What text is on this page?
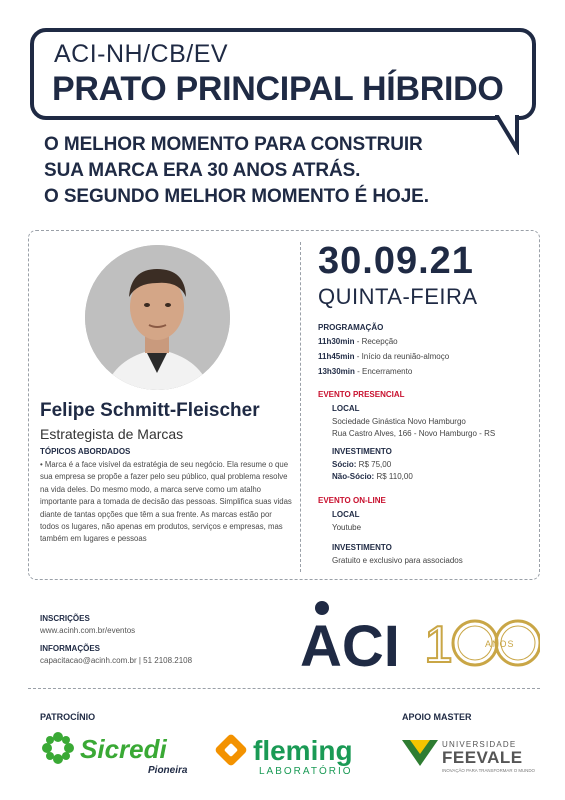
ACI-NH/CB/EV
PRATO PRINCIPAL HÍBRIDO
O MELHOR MOMENTO PARA CONSTRUIR
SUA MARCA ERA 30 ANOS ATRÁS.
O SEGUNDO MELHOR MOMENTO É HOJE.
Felipe Schmitt-Fleischer
Estrategista de Marcas
TÓPICOS ABORDADOS
• Marca é a face visível da estratégia de seu negócio. Ela resume o que sua empresa se propõe a fazer pelo seu público, qual problema resolve na vida deles. Do mesmo modo, a marca serve como um atalho importante para a tomada de decisão das pessoas. Simplifica suas vidas diante de tantas opções que têm a sua frente. As marcas estão por todos os lugares, não apenas em produtos, serviços e empresas, mas também em lugares e pessoas
30.09.21
QUINTA-FEIRA
PROGRAMAÇÃO
11h30min - Recepção
11h45min - Início da reunião-almoço
13h30min - Encerramento
EVENTO PRESENCIAL
LOCAL
Sociedade Ginástica Novo Hamburgo
Rua Castro Alves, 166 - Novo Hamburgo - RS
INVESTIMENTO
Sócio: R$ 75,00
Não-Sócio: R$ 110,00
EVENTO ON-LINE
LOCAL
Youtube
INVESTIMENTO
Gratuito e exclusivo para associados
INSCRIÇÕES
www.acinh.com.br/eventos
INFORMAÇÕES
capacitacao@acinh.com.br | 51 2108.2108 ACI 1	ANOS
PATROCÍNIO	APOIO MASTER
Sicredi
Pioneira
fleming
LABORATÓRIO
UNIVERSIDADE
FEEVALE
INOVAÇÃO PARA TRANSFORMAR O MUNDO
